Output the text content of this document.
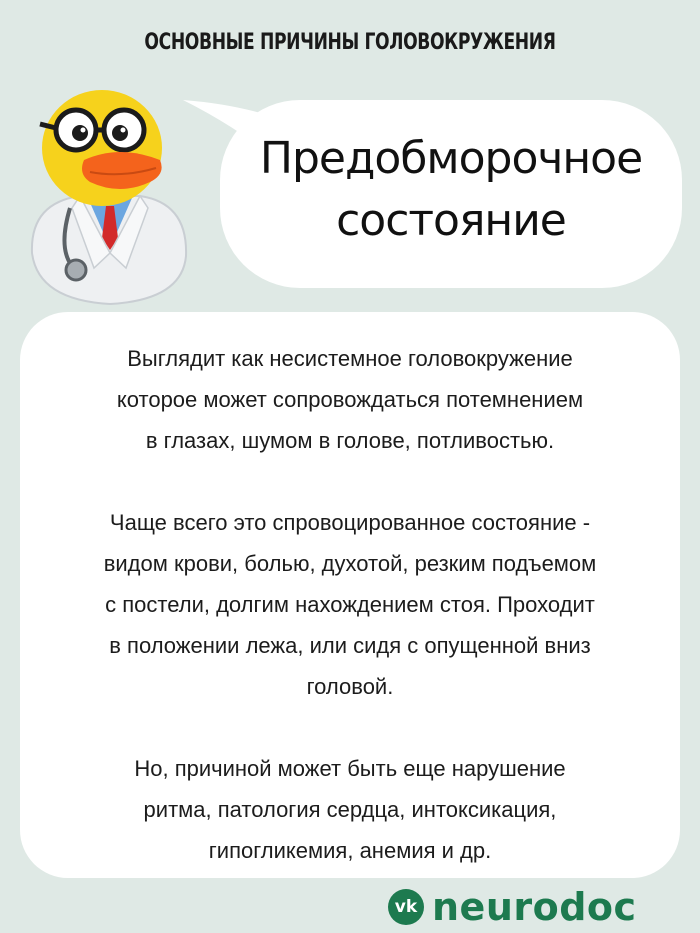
ОСНОВНЫЕ ПРИЧИНЫ ГОЛОВОКРУЖЕНИЯ
Предобморочное
состояние

Выглядит как несистемное головокружение
которое может сопровождаться потемнением
в глазах, шумом в голове, потливостью.

Чаще всего это спровоцированное состояние -
видом крови, болью, духотой, резким подъемом
с постели, долгим нахождением стоя. Проходит
в положении лежа, или сидя с опущенной вниз
головой.

Но, причиной может быть еще нарушение
ритма, патология сердца, интоксикация,
гипогликемия, анемия и др.

vk neurodoc
